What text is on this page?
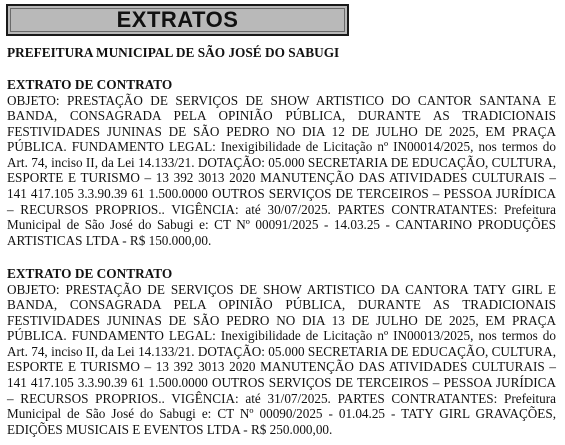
EXTRATOS
PREFEITURA MUNICIPAL DE SÃO JOSÉ DO SABUGI

EXTRATO DE CONTRATO

OBJETO: PRESTAÇÃO DE SERVIÇOS DE SHOW ARTISTICO DO CANTOR SANTANA E BANDA, CONSAGRADA PELA OPINIÃO PÚBLICA, DURANTE AS TRADICIONAIS FESTIVIDADES JUNINAS DE SÃO PEDRO NO DIA 12 DE JULHO DE 2025, EM PRAÇA PÚBLICA. FUNDAMENTO LEGAL: Inexigibilidade de Licitação nº IN00014/2025, nos termos do Art. 74, inciso II, da Lei 14.133/21. DOTAÇÃO: 05.000 SECRETARIA DE EDUCAÇÃO, CULTURA, ESPORTE E TURISMO – 13 392 3013 2020 MANUTENÇÃO DAS ATIVIDADES CULTURAIS – 141 417.105 3.3.90.39 61 1.500.0000 OUTROS SERVIÇOS DE TERCEIROS – PESSOA JURÍDICA – RECURSOS PROPRIOS.. VIGÊNCIA: até 30/07/2025. PARTES CONTRATANTES: Prefeitura Municipal de São José do Sabugi e: CT Nº 00091/2025 - 14.03.25 - CANTARINO PRODUÇÕES ARTISTICAS LTDA - R$ 150.000,00.

EXTRATO DE CONTRATO

OBJETO: PRESTAÇÃO DE SERVIÇOS DE SHOW ARTISTICO DA CANTORA TATY GIRL E BANDA, CONSAGRADA PELA OPINIÃO PÚBLICA, DURANTE AS TRADICIONAIS FESTIVIDADES JUNINAS DE SÃO PEDRO NO DIA 13 DE JULHO DE 2025, EM PRAÇA PÚBLICA. FUNDAMENTO LEGAL: Inexigibilidade de Licitação nº IN00013/2025, nos termos do Art. 74, inciso II, da Lei 14.133/21. DOTAÇÃO: 05.000 SECRETARIA DE EDUCAÇÃO, CULTURA, ESPORTE E TURISMO – 13 392 3013 2020 MANUTENÇÃO DAS ATIVIDADES CULTURAIS – 141 417.105 3.3.90.39 61 1.500.0000 OUTROS SERVIÇOS DE TERCEIROS – PESSOA JURÍDICA – RECURSOS PROPRIOS.. VIGÊNCIA: até 31/07/2025. PARTES CONTRATANTES: Prefeitura Municipal de São José do Sabugi e: CT Nº 00090/2025 - 01.04.25 - TATY GIRL GRAVAÇÕES, EDIÇÕES MUSICAIS E EVENTOS LTDA - R$ 250.000,00.
